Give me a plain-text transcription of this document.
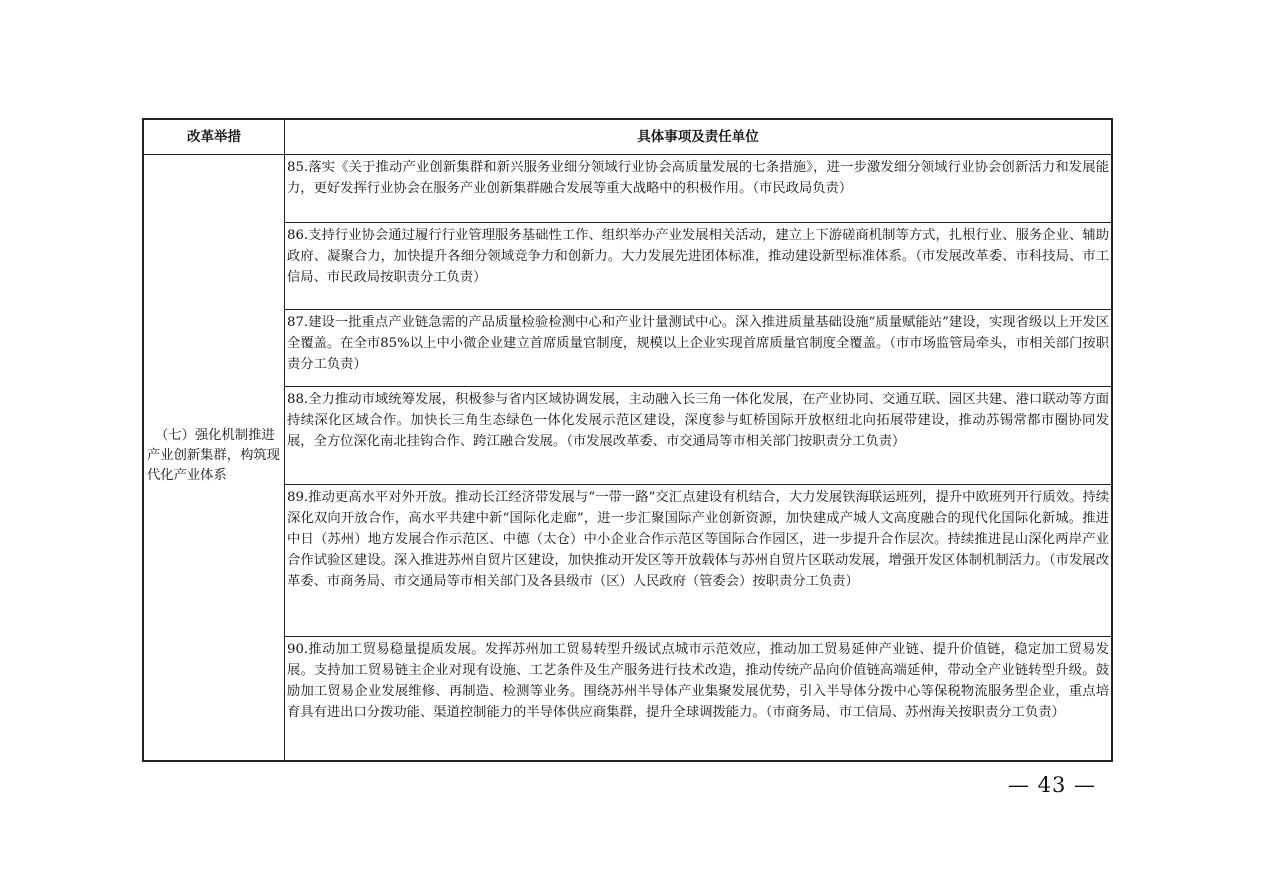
改革举措	具体事项及责任单位
（七）强化机制推进产业创新集群，构筑现代化产业体系
85.落实《关于推动产业创新集群和新兴服务业细分领域行业协会高质量发展的七条措施》，进一步激发细分领域行业协会创新活力和发展能力，更好发挥行业协会在服务产业创新集群融合发展等重大战略中的积极作用。（市民政局负责）
86.支持行业协会通过履行行业管理服务基础性工作、组织举办产业发展相关活动，建立上下游磋商机制等方式，扎根行业、服务企业、辅助政府、凝聚合力，加快提升各细分领域竞争力和创新力。大力发展先进团体标准，推动建设新型标准体系。（市发展改革委、市科技局、市工信局、市民政局按职责分工负责）
87.建设一批重点产业链急需的产品质量检验检测中心和产业计量测试中心。深入推进质量基础设施“质量赋能站”建设，实现省级以上开发区全覆盖。在全市85%以上中小微企业建立首席质量官制度，规模以上企业实现首席质量官制度全覆盖。（市市场监管局牵头，市相关部门按职责分工负责）
88.全力推动市域统筹发展，积极参与省内区域协调发展，主动融入长三角一体化发展，在产业协同、交通互联、园区共建、港口联动等方面持续深化区域合作。加快长三角生态绿色一体化发展示范区建设，深度参与虹桥国际开放枢纽北向拓展带建设，推动苏锡常都市圈协同发展，全方位深化南北挂钩合作、跨江融合发展。（市发展改革委、市交通局等市相关部门按职责分工负责）
89.推动更高水平对外开放。推动长江经济带发展与“一带一路”交汇点建设有机结合，大力发展铁海联运班列，提升中欧班列开行质效。持续深化双向开放合作，高水平共建中新“国际化走廊”，进一步汇聚国际产业创新资源，加快建成产城人文高度融合的现代化国际化新城。推进中日（苏州）地方发展合作示范区、中德（太仓）中小企业合作示范区等国际合作园区，进一步提升合作层次。持续推进昆山深化两岸产业合作试验区建设。深入推进苏州自贸片区建设，加快推动开发区等开放载体与苏州自贸片区联动发展，增强开发区体制机制活力。（市发展改革委、市商务局、市交通局等市相关部门及各县级市（区）人民政府（管委会）按职责分工负责）
90.推动加工贸易稳量提质发展。发挥苏州加工贸易转型升级试点城市示范效应，推动加工贸易延伸产业链、提升价值链，稳定加工贸易发展。支持加工贸易链主企业对现有设施、工艺条件及生产服务进行技术改造，推动传统产品向价值链高端延伸，带动全产业链转型升级。鼓励加工贸易企业发展维修、再制造、检测等业务。围绕苏州半导体产业集聚发展优势，引入半导体分拨中心等保税物流服务型企业，重点培育具有进出口分拨功能、渠道控制能力的半导体供应商集群，提升全球调拨能力。（市商务局、市工信局、苏州海关按职责分工负责）
— 43 —
